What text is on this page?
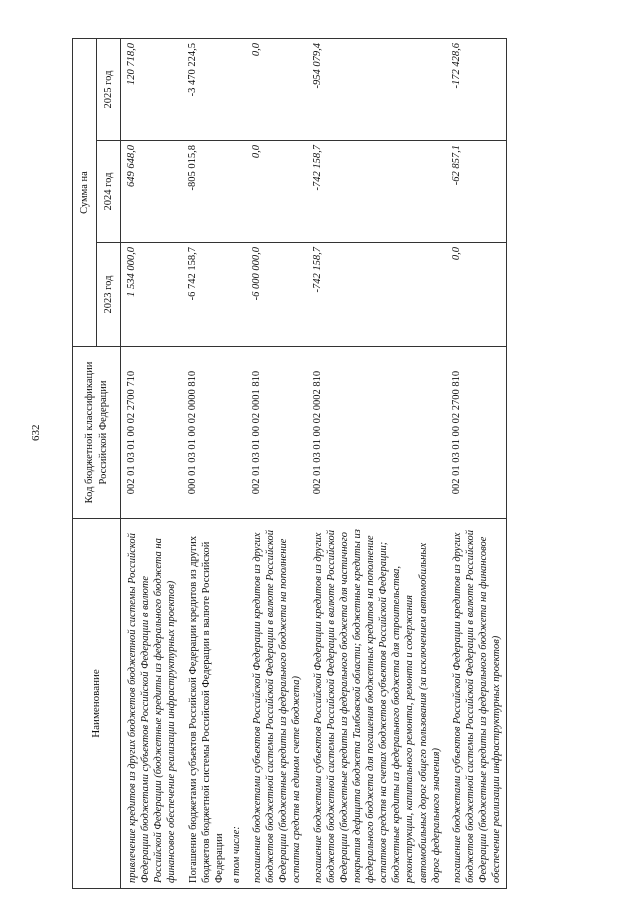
632
Наименование	Код бюджетной классификации Российской Федерации	Сумма на		
		2023 год	2024 год	2025 год
привлечение кредитов из других бюджетов бюджетной системы Российской Федерации бюджетами субъектов Российской Федерации в валюте Российской Федерации (бюджетные кредиты из федерального бюджета на финансовое обеспечение реализации инфраструктурных проектов)	002 01 03 01 00 02 2700 710	1 534 000,0	649 648,0	120 718,0
Погашение бюджетами субъектов Российской Федерации кредитов из других бюджетов бюджетной системы Российской Федерации в валюте Российской Федерации в том числе:	000 01 03 01 00 02 0000 810	-6 742 158,7	-805 015,8	-3 470 224,5
погашение бюджетами субъектов Российской Федерации кредитов из других бюджетов бюджетной системы Российской Федерации в валюте Российской Федерации (бюджетные кредиты из федерального бюджета на пополнение остатка средств на едином счете бюджета)	002 01 03 01 00 02 0001 810	-6 000 000,0	0,0	0,0
погашение бюджетами субъектов Российской Федерации кредитов из других бюджетов бюджетной системы Российской Федерации в валюте Российской Федерации (бюджетные кредиты из федерального бюджета для частичного покрытия дефицита бюджета Тамбовской области; бюджетные кредиты из федерального бюджета для погашения бюджетных кредитов на пополнение остатков средств на счетах бюджетов субъектов Российской Федерации; бюджетные кредиты из федерального бюджета для строительства, реконструкции, капитального ремонта, ремонта и содержания автомобильных дорог общего пользования (за исключением автомобильных дорог федерального значения)	002 01 03 01 00 02 0002 810	-742 158,7	-742 158,7	-954 079,4
погашение бюджетами субъектов Российской Федерации кредитов из других бюджетов бюджетной системы Российской Федерации в валюте Российской Федерации (бюджетные кредиты из федерального бюджета на финансовое обеспечение реализации инфраструктурных проектов)	002 01 03 01 00 02 2700 810	0,0	-62 857,1	-172 428,6
